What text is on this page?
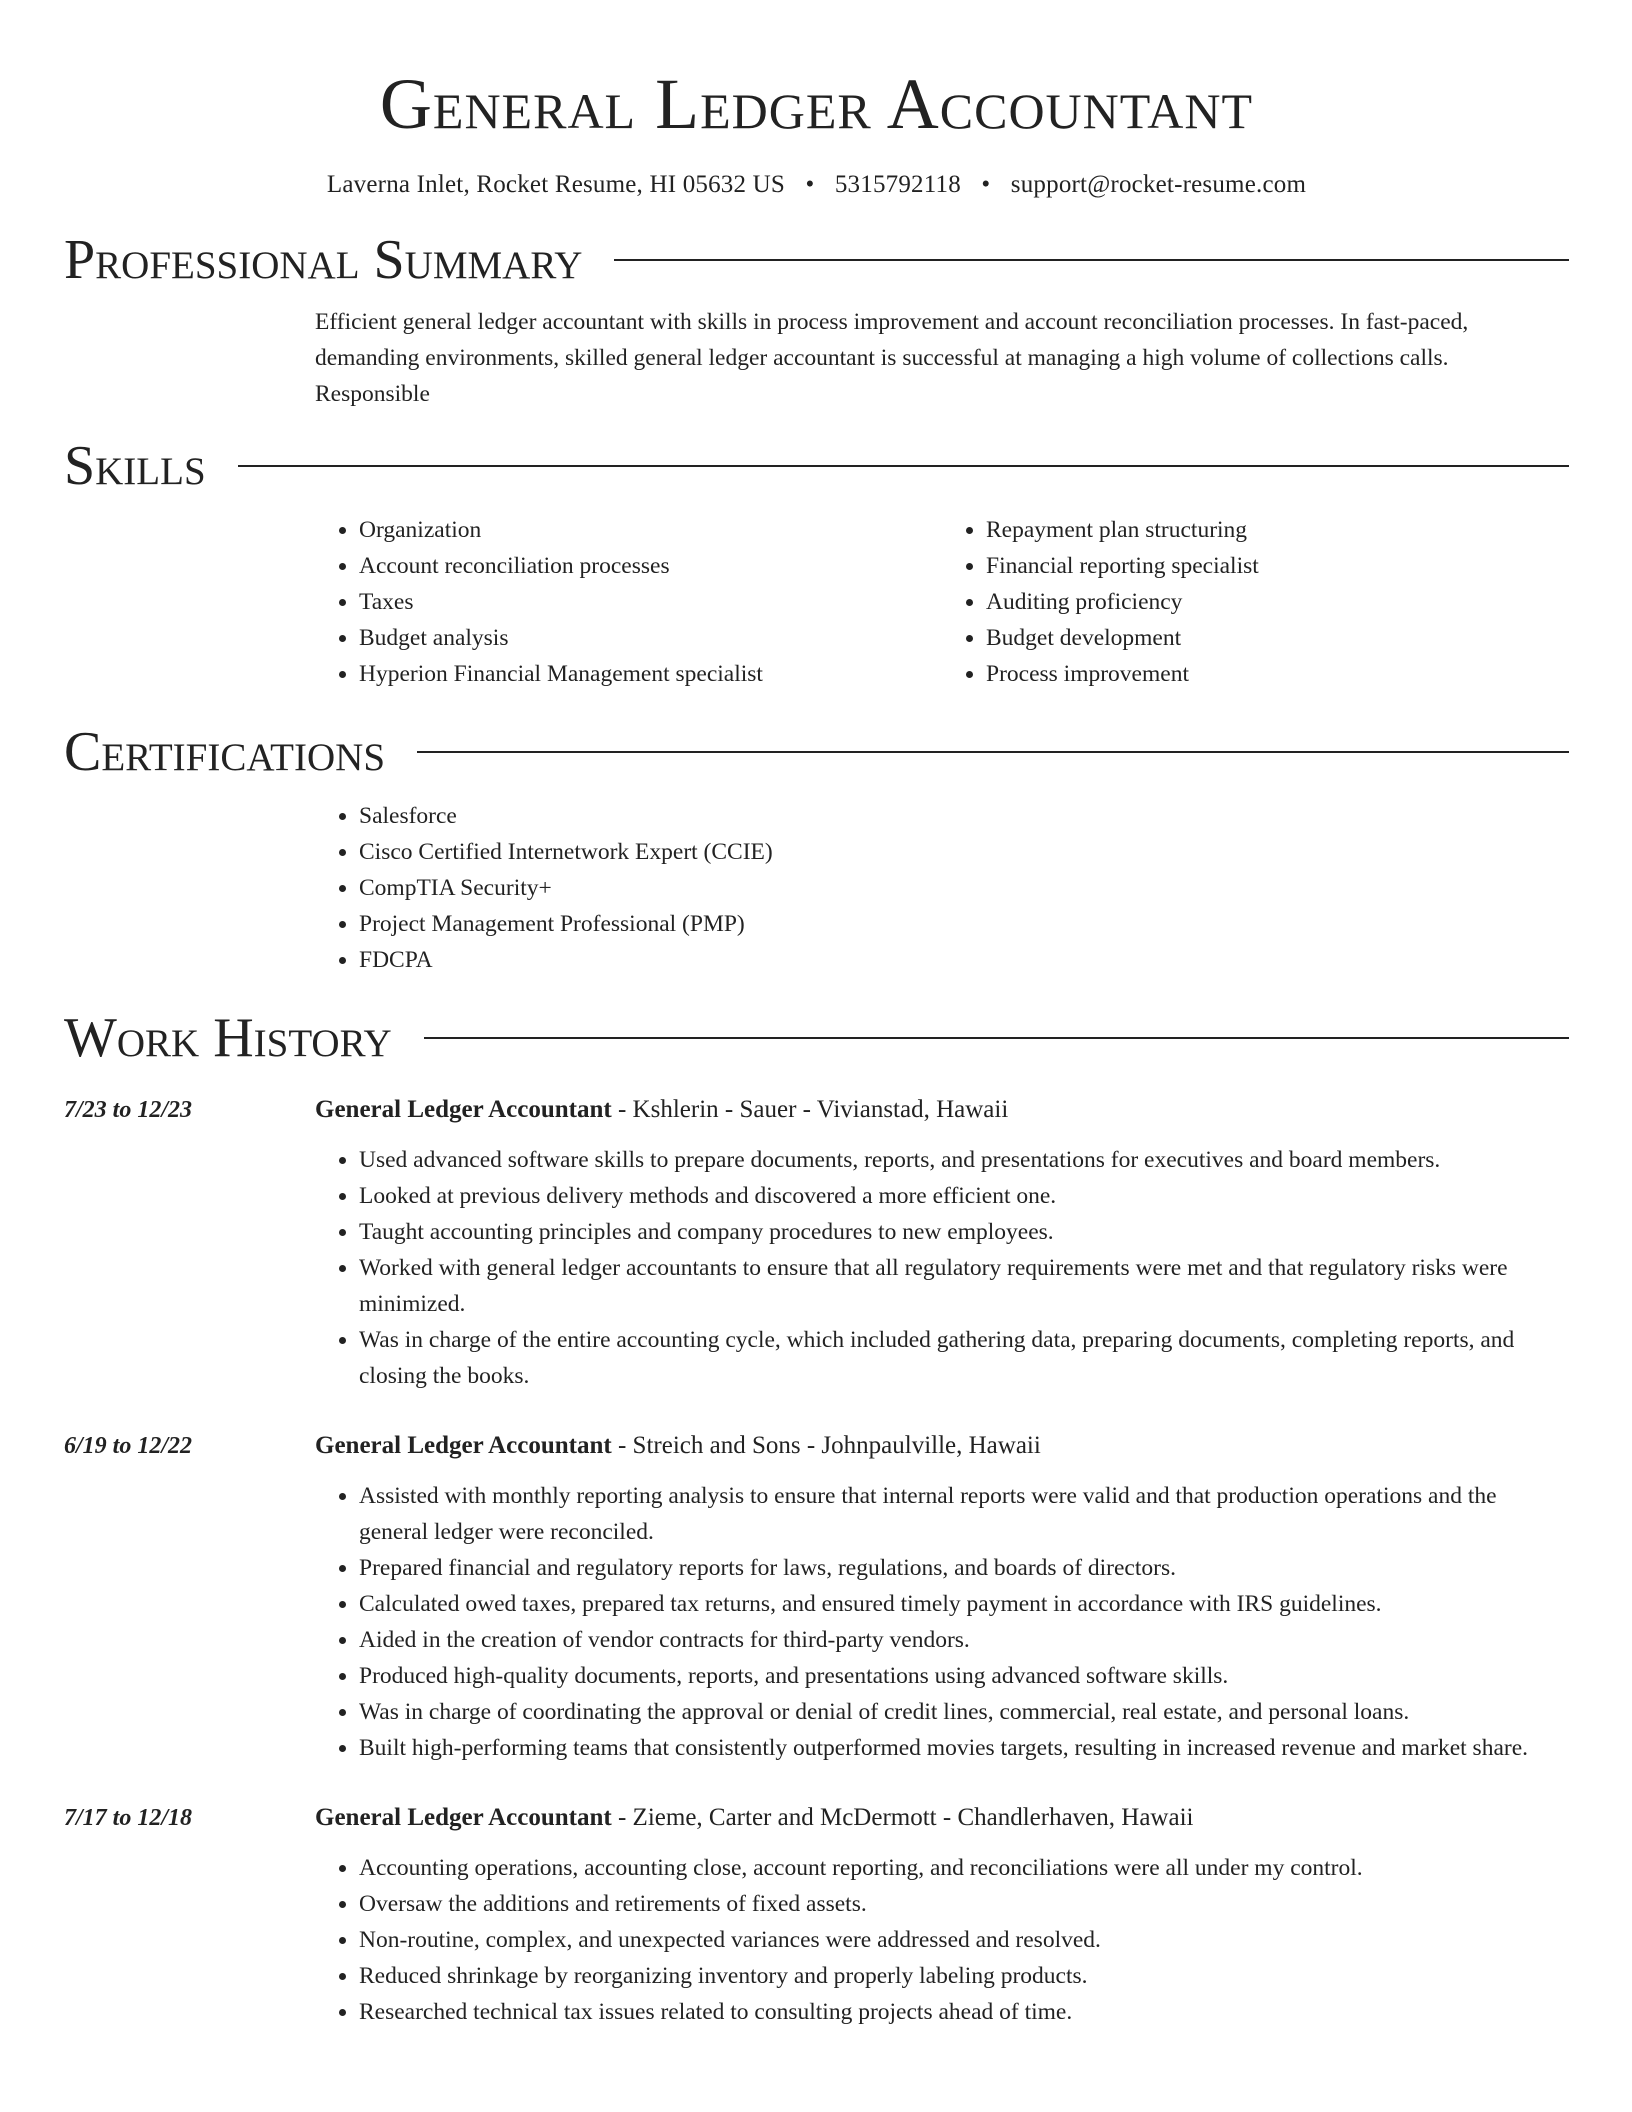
General Ledger Accountant
Laverna Inlet, Rocket Resume, HI 05632 US • 5315792118 • support@rocket-resume.com
Professional Summary
Efficient general ledger accountant with skills in process improvement and account reconciliation processes. In fast-paced, demanding environments, skilled general ledger accountant is successful at managing a high volume of collections calls. Responsible
Skills
• Organization
• Account reconciliation processes
• Taxes
• Budget analysis
• Hyperion Financial Management specialist
• Repayment plan structuring
• Financial reporting specialist
• Auditing proficiency
• Budget development
• Process improvement
Certifications
• Salesforce
• Cisco Certified Internetwork Expert (CCIE)
• CompTIA Security+
• Project Management Professional (PMP)
• FDCPA
Work History
7/23 to 12/23	General Ledger Accountant - Kshlerin - Sauer - Vivianstad, Hawaii
• Used advanced software skills to prepare documents, reports, and presentations for executives and board members.
• Looked at previous delivery methods and discovered a more efficient one.
• Taught accounting principles and company procedures to new employees.
• Worked with general ledger accountants to ensure that all regulatory requirements were met and that regulatory risks were minimized.
• Was in charge of the entire accounting cycle, which included gathering data, preparing documents, completing reports, and closing the books.
6/19 to 12/22	General Ledger Accountant - Streich and Sons - Johnpaulville, Hawaii
• Assisted with monthly reporting analysis to ensure that internal reports were valid and that production operations and the general ledger were reconciled.
• Prepared financial and regulatory reports for laws, regulations, and boards of directors.
• Calculated owed taxes, prepared tax returns, and ensured timely payment in accordance with IRS guidelines.
• Aided in the creation of vendor contracts for third-party vendors.
• Produced high-quality documents, reports, and presentations using advanced software skills.
• Was in charge of coordinating the approval or denial of credit lines, commercial, real estate, and personal loans.
• Built high-performing teams that consistently outperformed movies targets, resulting in increased revenue and market share.
7/17 to 12/18	General Ledger Accountant - Zieme, Carter and McDermott - Chandlerhaven, Hawaii
• Accounting operations, accounting close, account reporting, and reconciliations were all under my control.
• Oversaw the additions and retirements of fixed assets.
• Non-routine, complex, and unexpected variances were addressed and resolved.
• Reduced shrinkage by reorganizing inventory and properly labeling products.
• Researched technical tax issues related to consulting projects ahead of time.
